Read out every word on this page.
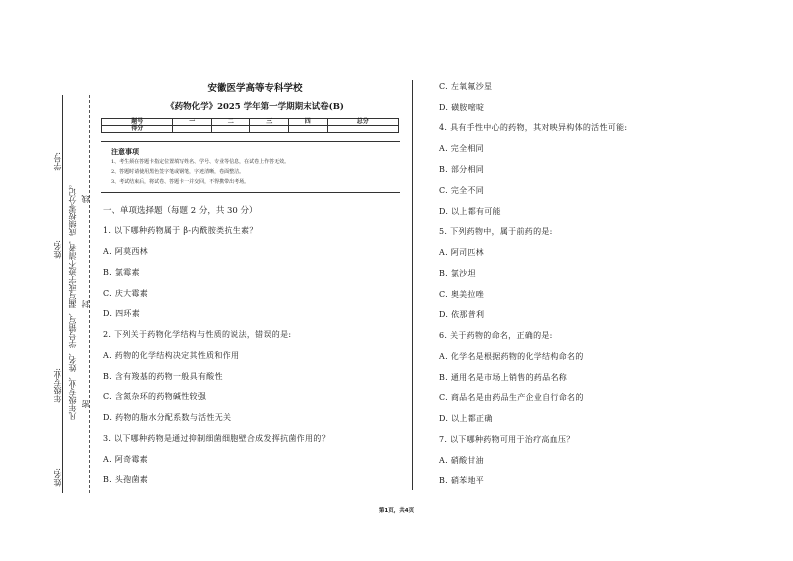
学号:
姓名:
年级专业:
姓名:
凡年级专业、姓名、学号错写、漏写或字迹不清者，成绩按零分记。 线
封
密
安徽医学高等专科学校
《药物化学》2025 学年第一学期期末试卷(B)
题号	一	二	三	四	总分
得分					
注意事项
1、考生须在答题卡指定位置填写姓名、学号、专业等信息，在试卷上作答无效。
2、答题时请使用黑色签字笔或钢笔，字迹清晰，卷面整洁。
3、考试结束后，将试卷、答题卡一并交回，不得携带出考场。
一、单项选择题（每题 2 分，共 30 分）
1. 以下哪种药物属于 β-内酰胺类抗生素？
A. 阿莫西林
B. 氯霉素
C. 庆大霉素
D. 四环素
2. 下列关于药物化学结构与性质的说法，错误的是:
A. 药物的化学结构决定其性质和作用
B. 含有羧基的药物一般具有酸性
C. 含氮杂环的药物碱性较强
D. 药物的脂水分配系数与活性无关
3. 以下哪种药物是通过抑制细菌细胞壁合成发挥抗菌作用的？
A. 阿奇霉素
B. 头孢菌素
C. 左氧氟沙星
D. 磺胺嘧啶
4. 具有手性中心的药物，其对映异构体的活性可能:
A. 完全相同
B. 部分相同
C. 完全不同
D. 以上都有可能
5. 下列药物中，属于前药的是:
A. 阿司匹林
B. 氯沙坦
C. 奥美拉唑
D. 依那普利
6. 关于药物的命名，正确的是:
A. 化学名是根据药物的化学结构命名的
B. 通用名是市场上销售的药品名称
C. 商品名是由药品生产企业自行命名的
D. 以上都正确
7. 以下哪种药物可用于治疗高血压？
A. 硝酸甘油
B. 硝苯地平
第1页，共4页
